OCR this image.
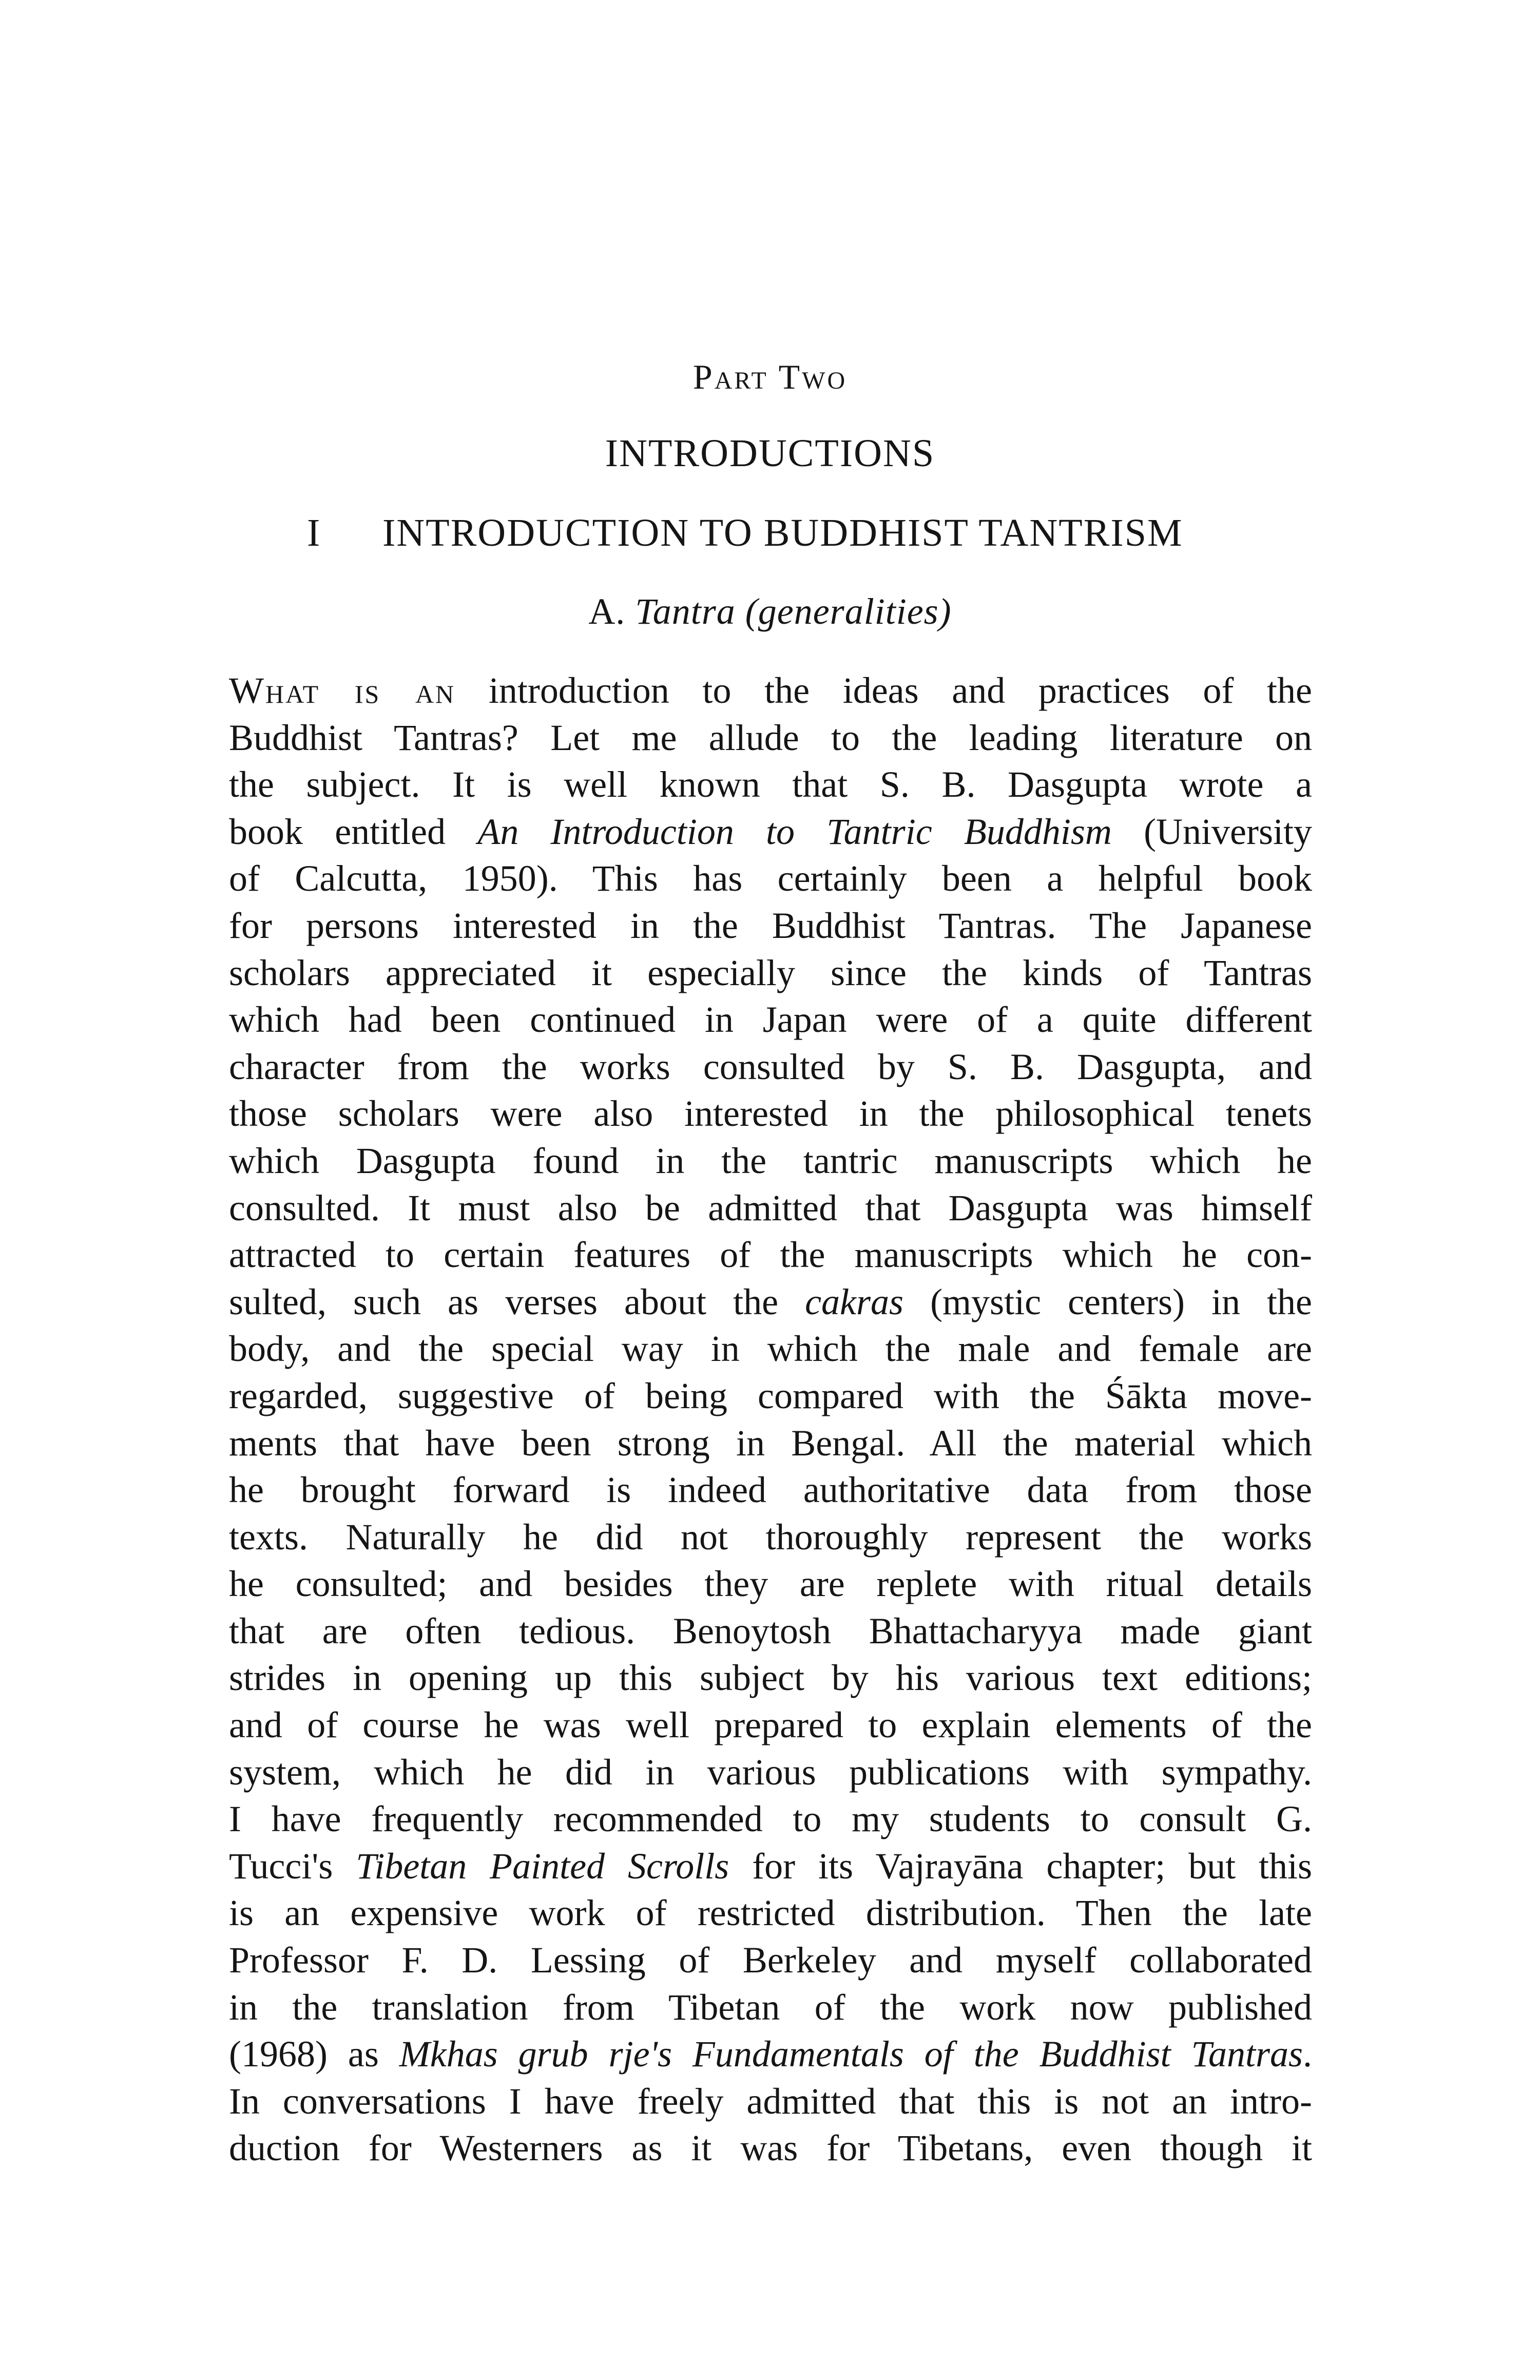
Part Two
INTRODUCTIONS
I INTRODUCTION TO BUDDHIST TANTRISM
A. Tantra (generalities)
What is an introduction to the ideas and practices of the
Buddhist Tantras? Let me allude to the leading literature on
the subject. It is well known that S. B. Dasgupta wrote a
book entitled An Introduction to Tantric Buddhism (University
of Calcutta, 1950). This has certainly been a helpful book
for persons interested in the Buddhist Tantras. The Japanese
scholars appreciated it especially since the kinds of Tantras
which had been continued in Japan were of a quite different
character from the works consulted by S. B. Dasgupta, and
those scholars were also interested in the philosophical tenets
which Dasgupta found in the tantric manuscripts which he
consulted. It must also be admitted that Dasgupta was himself
attracted to certain features of the manuscripts which he con-
sulted, such as verses about the cakras (mystic centers) in the
body, and the special way in which the male and female are
regarded, suggestive of being compared with the Śākta move-
ments that have been strong in Bengal. All the material which
he brought forward is indeed authoritative data from those
texts. Naturally he did not thoroughly represent the works
he consulted; and besides they are replete with ritual details
that are often tedious. Benoytosh Bhattacharyya made giant
strides in opening up this subject by his various text editions;
and of course he was well prepared to explain elements of the
system, which he did in various publications with sympathy.
I have frequently recommended to my students to consult G.
Tucci's Tibetan Painted Scrolls for its Vajrayāna chapter; but this
is an expensive work of restricted distribution. Then the late
Professor F. D. Lessing of Berkeley and myself collaborated
in the translation from Tibetan of the work now published
(1968) as Mkhas grub rje's Fundamentals of the Buddhist Tantras.
In conversations I have freely admitted that this is not an intro-
duction for Westerners as it was for Tibetans, even though it
